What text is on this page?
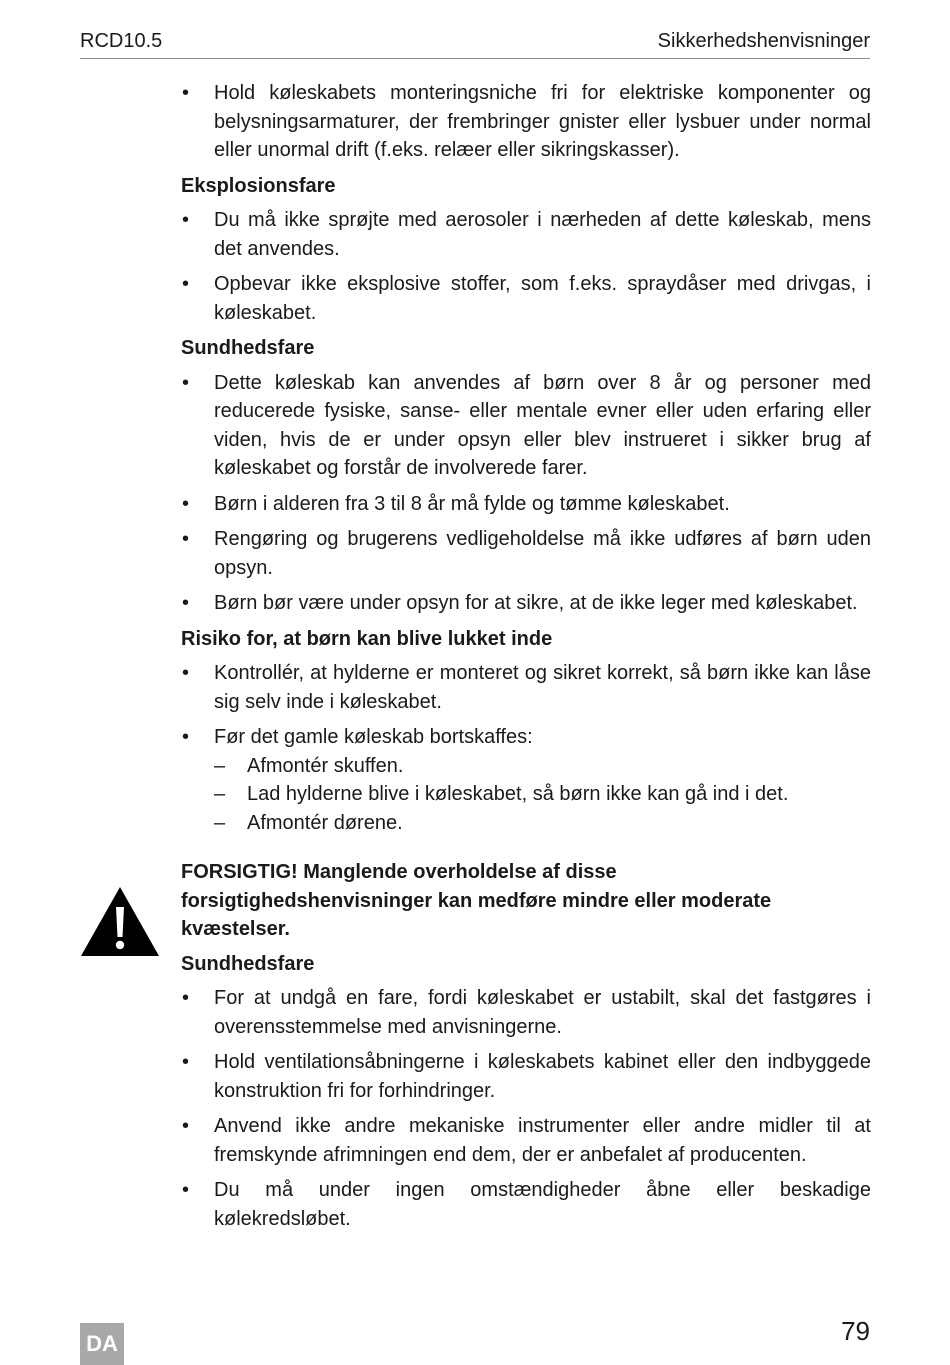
RCD10.5	Sikkerhedshenvisninger
• Hold køleskabets monteringsniche fri for elektriske komponenter og belysningsarmaturer, der frembringer gnister eller lysbuer under normal eller unormal drift (f.eks. relæer eller sikringskasser).
Eksplosionsfare
• Du må ikke sprøjte med aerosoler i nærheden af dette køleskab, mens det anvendes.
• Opbevar ikke eksplosive stoffer, som f.eks. spraydåser med drivgas, i køleskabet.
Sundhedsfare
• Dette køleskab kan anvendes af børn over 8 år og personer med reducerede fysiske, sanse- eller mentale evner eller uden erfaring eller viden, hvis de er under opsyn eller blev instrueret i sikker brug af køleskabet og forstår de involverede farer.
• Børn i alderen fra 3 til 8 år må fylde og tømme køleskabet.
• Rengøring og brugerens vedligeholdelse må ikke udføres af børn uden opsyn.
• Børn bør være under opsyn for at sikre, at de ikke leger med køleskabet.
Risiko for, at børn kan blive lukket inde
• Kontrollér, at hylderne er monteret og sikret korrekt, så børn ikke kan låse sig selv inde i køleskabet.
• Før det gamle køleskab bortskaffes:
– Afmontér skuffen.
– Lad hylderne blive i køleskabet, så børn ikke kan gå ind i det.
– Afmontér dørene.
FORSIGTIG! Manglende overholdelse af disse forsigtighedshenvisninger kan medføre mindre eller moderate kvæstelser.
Sundhedsfare
• For at undgå en fare, fordi køleskabet er ustabilt, skal det fastgøres i overensstemmelse med anvisningerne.
• Hold ventilationsåbningerne i køleskabets kabinet eller den indbyggede konstruktion fri for forhindringer.
• Anvend ikke andre mekaniske instrumenter eller andre midler til at fremskynde afrimningen end dem, der er anbefalet af producenten.
• Du må under ingen omstændigheder åbne eller beskadige kølekredsløbet.
DA	79
